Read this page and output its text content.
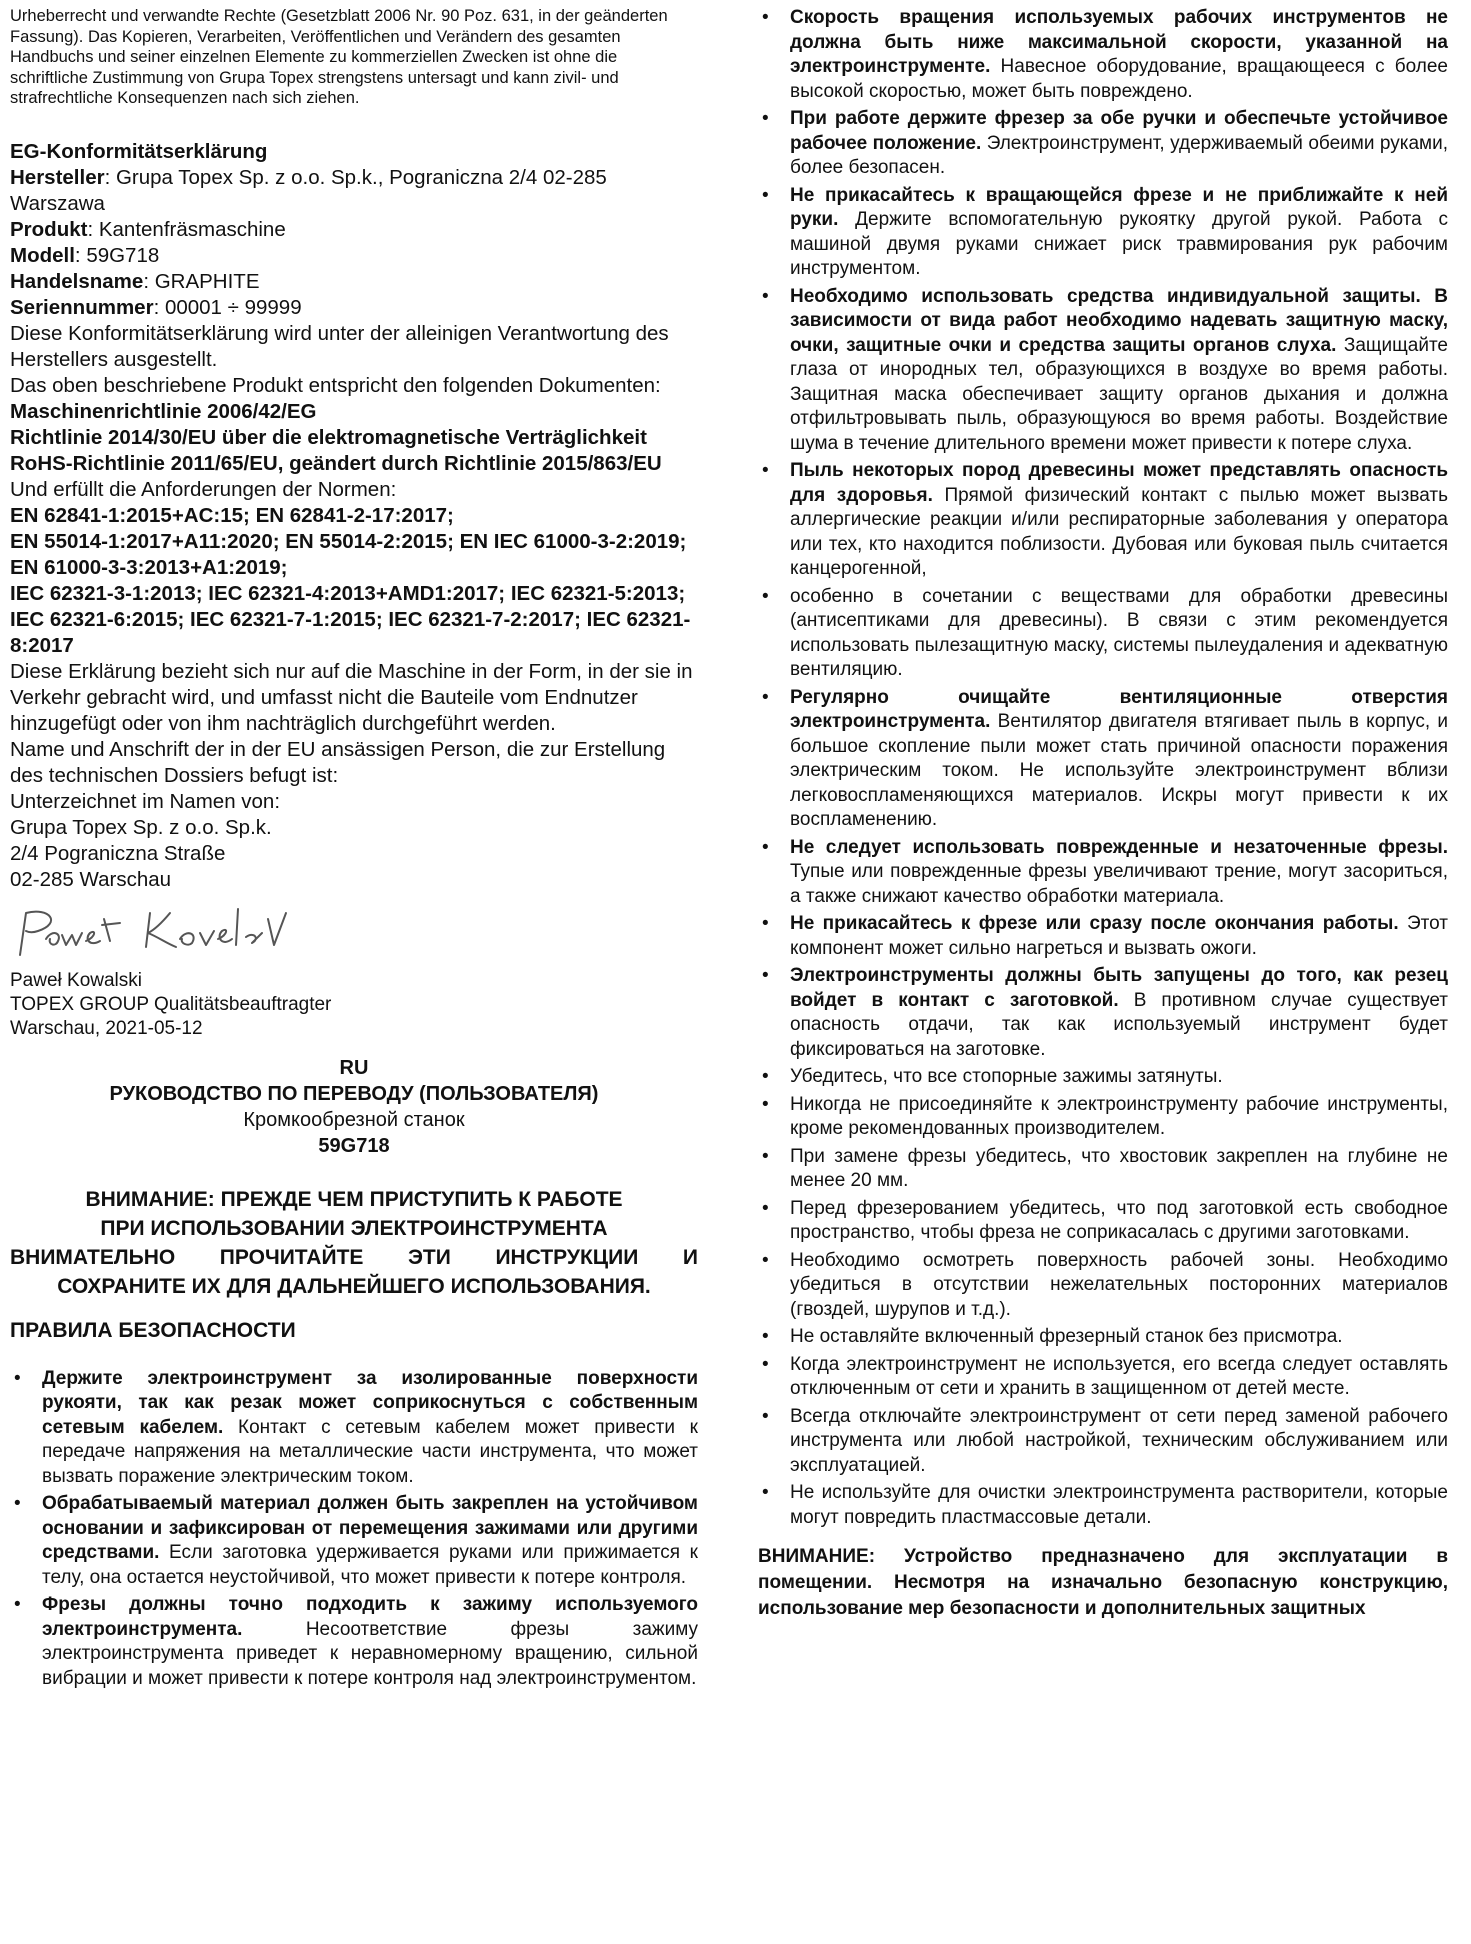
Urheberrecht und verwandte Rechte (Gesetzblatt 2006 Nr. 90 Poz. 631, in der geänderten Fassung). Das Kopieren, Verarbeiten, Veröffentlichen und Verändern des gesamten Handbuchs und seiner einzelnen Elemente zu kommerziellen Zwecken ist ohne die schriftliche Zustimmung von Grupa Topex strengstens untersagt und kann zivil- und strafrechtliche Konsequenzen nach sich ziehen.

EG-Konformitätserklärung

Hersteller: Grupa Topex Sp. z o.o. Sp.k., Pograniczna 2/4 02-285 Warszawa

Produkt: Kantenfräsmaschine

Modell: 59G718

Handelsname: GRAPHITE

Seriennummer: 00001 ÷ 99999

Diese Konformitätserklärung wird unter der alleinigen Verantwortung des Herstellers ausgestellt.

Das oben beschriebene Produkt entspricht den folgenden Dokumenten:

Maschinenrichtlinie 2006/42/EG

Richtlinie 2014/30/EU über die elektromagnetische Verträglichkeit

RoHS-Richtlinie 2011/65/EU, geändert durch Richtlinie 2015/863/EU

Und erfüllt die Anforderungen der Normen:

EN 62841-1:2015+AC:15; EN 62841-2-17:2017;

EN 55014-1:2017+A11:2020; EN 55014-2:2015; EN IEC 61000-3-2:2019; EN 61000-3-3:2013+A1:2019;

IEC 62321-3-1:2013; IEC 62321-4:2013+AMD1:2017; IEC 62321-5:2013;

IEC 62321-6:2015; IEC 62321-7-1:2015; IEC 62321-7-2:2017; IEC 62321-8:2017

Diese Erklärung bezieht sich nur auf die Maschine in der Form, in der sie in Verkehr gebracht wird, und umfasst nicht die Bauteile vom Endnutzer hinzugefügt oder von ihm nachträglich durchgeführt werden.

Name und Anschrift der in der EU ansässigen Person, die zur Erstellung des technischen Dossiers befugt ist:

Unterzeichnet im Namen von:

Grupa Topex Sp. z o.o. Sp.k.

2/4 Pograniczna Straße

02-285 Warschau

Paweł Kowalski

TOPEX GROUP Qualitätsbeauftragter

Warschau, 2021-05-12

RU

РУКОВОДСТВО ПО ПЕРЕВОДУ (ПОЛЬЗОВАТЕЛЯ)

Кромкообрезной станок

59G718

ВНИМАНИЕ: ПРЕЖДЕ ЧЕМ ПРИСТУПИТЬ К РАБОТЕ

ПРИ ИСПОЛЬЗОВАНИИ ЭЛЕКТРОИНСТРУМЕНТА

ВНИМАТЕЛЬНО ПРОЧИТАЙТЕ ЭТИ ИНСТРУКЦИИ И

СОХРАНИТЕ ИХ ДЛЯ ДАЛЬНЕЙШЕГО ИСПОЛЬЗОВАНИЯ.

ПРАВИЛА БЕЗОПАСНОСТИ
• Держите электроинструмент за изолированные поверхности рукояти, так как резак может соприкоснуться с собственным сетевым кабелем. Контакт с сетевым кабелем может привести к передаче напряжения на металлические части инструмента, что может вызвать поражение электрическим током.
• Обрабатываемый материал должен быть закреплен на устойчивом основании и зафиксирован от перемещения зажимами или другими средствами. Если заготовка удерживается руками или прижимается к телу, она остается неустойчивой, что может привести к потере контроля.
• Фрезы должны точно подходить к зажиму используемого электроинструмента. Несоответствие фрезы зажиму электроинструмента приведет к неравномерному вращению, сильной вибрации и может привести к потере контроля над электроинструментом.
• Скорость вращения используемых рабочих инструментов не должна быть ниже максимальной скорости, указанной на электроинструменте. Навесное оборудование, вращающееся с более высокой скоростью, может быть повреждено.
• При работе держите фрезер за обе ручки и обеспечьте устойчивое рабочее положение. Электроинструмент, удерживаемый обеими руками, более безопасен.
• Не прикасайтесь к вращающейся фрезе и не приближайте к ней руки. Держите вспомогательную рукоятку другой рукой. Работа с машиной двумя руками снижает риск травмирования рук рабочим инструментом.
• Необходимо использовать средства индивидуальной защиты. В зависимости от вида работ необходимо надевать защитную маску, очки, защитные очки и средства защиты органов слуха. Защищайте глаза от инородных тел, образующихся в воздухе во время работы. Защитная маска обеспечивает защиту органов дыхания и должна отфильтровывать пыль, образующуюся во время работы. Воздействие шума в течение длительного времени может привести к потере слуха.
• Пыль некоторых пород древесины может представлять опасность для здоровья. Прямой физический контакт с пылью может вызвать аллергические реакции и/или респираторные заболевания у оператора или тех, кто находится поблизости. Дубовая или буковая пыль считается канцерогенной,
• особенно в сочетании с веществами для обработки древесины (антисептиками для древесины). В связи с этим рекомендуется использовать пылезащитную маску, системы пылеудаления и адекватную вентиляцию.
• Регулярно очищайте вентиляционные отверстия электроинструмента. Вентилятор двигателя втягивает пыль в корпус, и большое скопление пыли может стать причиной опасности поражения электрическим током. Не используйте электроинструмент вблизи легковоспламеняющихся материалов. Искры могут привести к их воспламенению.
• Не следует использовать поврежденные и незаточенные фрезы. Тупые или поврежденные фрезы увеличивают трение, могут засориться, а также снижают качество обработки материала.
• Не прикасайтесь к фрезе или сразу после окончания работы. Этот компонент может сильно нагреться и вызвать ожоги.
• Электроинструменты должны быть запущены до того, как резец войдет в контакт с заготовкой. В противном случае существует опасность отдачи, так как используемый инструмент будет фиксироваться на заготовке.
• Убедитесь, что все стопорные зажимы затянуты.
• Никогда не присоединяйте к электроинструменту рабочие инструменты, кроме рекомендованных производителем.
• При замене фрезы убедитесь, что хвостовик закреплен на глубине не менее 20 мм.
• Перед фрезерованием убедитесь, что под заготовкой есть свободное пространство, чтобы фреза не соприкасалась с другими заготовками.
• Необходимо осмотреть поверхность рабочей зоны. Необходимо убедиться в отсутствии нежелательных посторонних материалов (гвоздей, шурупов и т.д.).
• Не оставляйте включенный фрезерный станок без присмотра.
• Когда электроинструмент не используется, его всегда следует оставлять отключенным от сети и хранить в защищенном от детей месте.
• Всегда отключайте электроинструмент от сети перед заменой рабочего инструмента или любой настройкой, техническим обслуживанием или эксплуатацией.
• Не используйте для очистки электроинструмента растворители, которые могут повредить пластмассовые детали.

ВНИМАНИЕ: Устройство предназначено для эксплуатации в помещении. Несмотря на изначально безопасную конструкцию, использование мер безопасности и дополнительных защитных
